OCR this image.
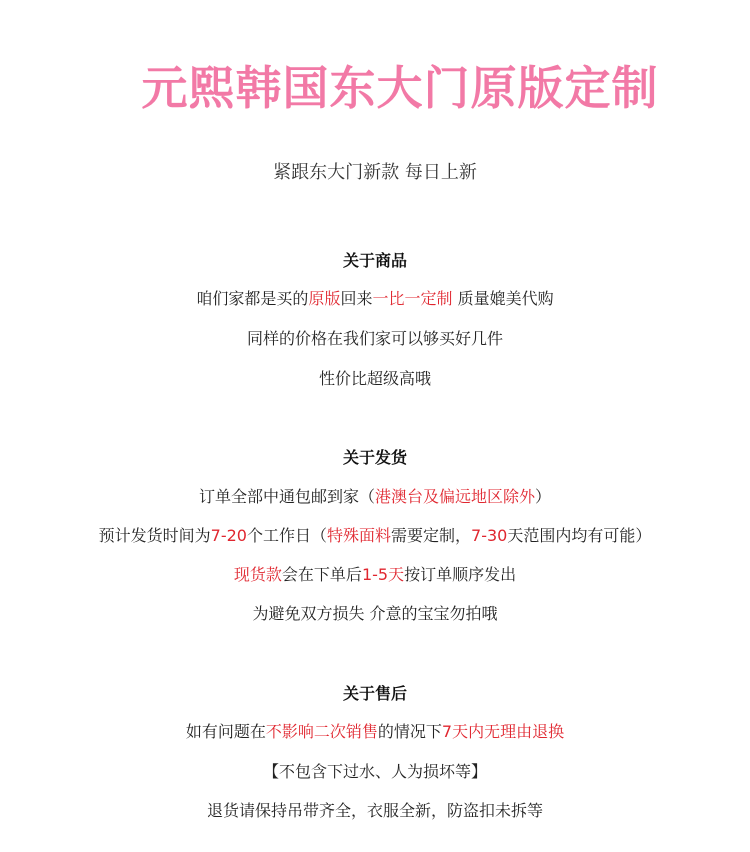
元熙韩国东大门原版定制
紧跟东大门新款 每日上新
关于商品
咱们家都是买的原版回来一比一定制 质量媲美代购
同样的价格在我们家可以够买好几件
性价比超级高哦
关于发货
订单全部中通包邮到家（港澳台及偏远地区除外）
预计发货时间为7-20个工作日（特殊面料需要定制，7-30天范围内均有可能）
现货款会在下单后1-5天按订单顺序发出
为避免双方损失 介意的宝宝勿拍哦
关于售后
如有问题在不影响二次销售的情况下7天内无理由退换
【不包含下过水、人为损坏等】
退货请保持吊带齐全，衣服全新，防盗扣未拆等
